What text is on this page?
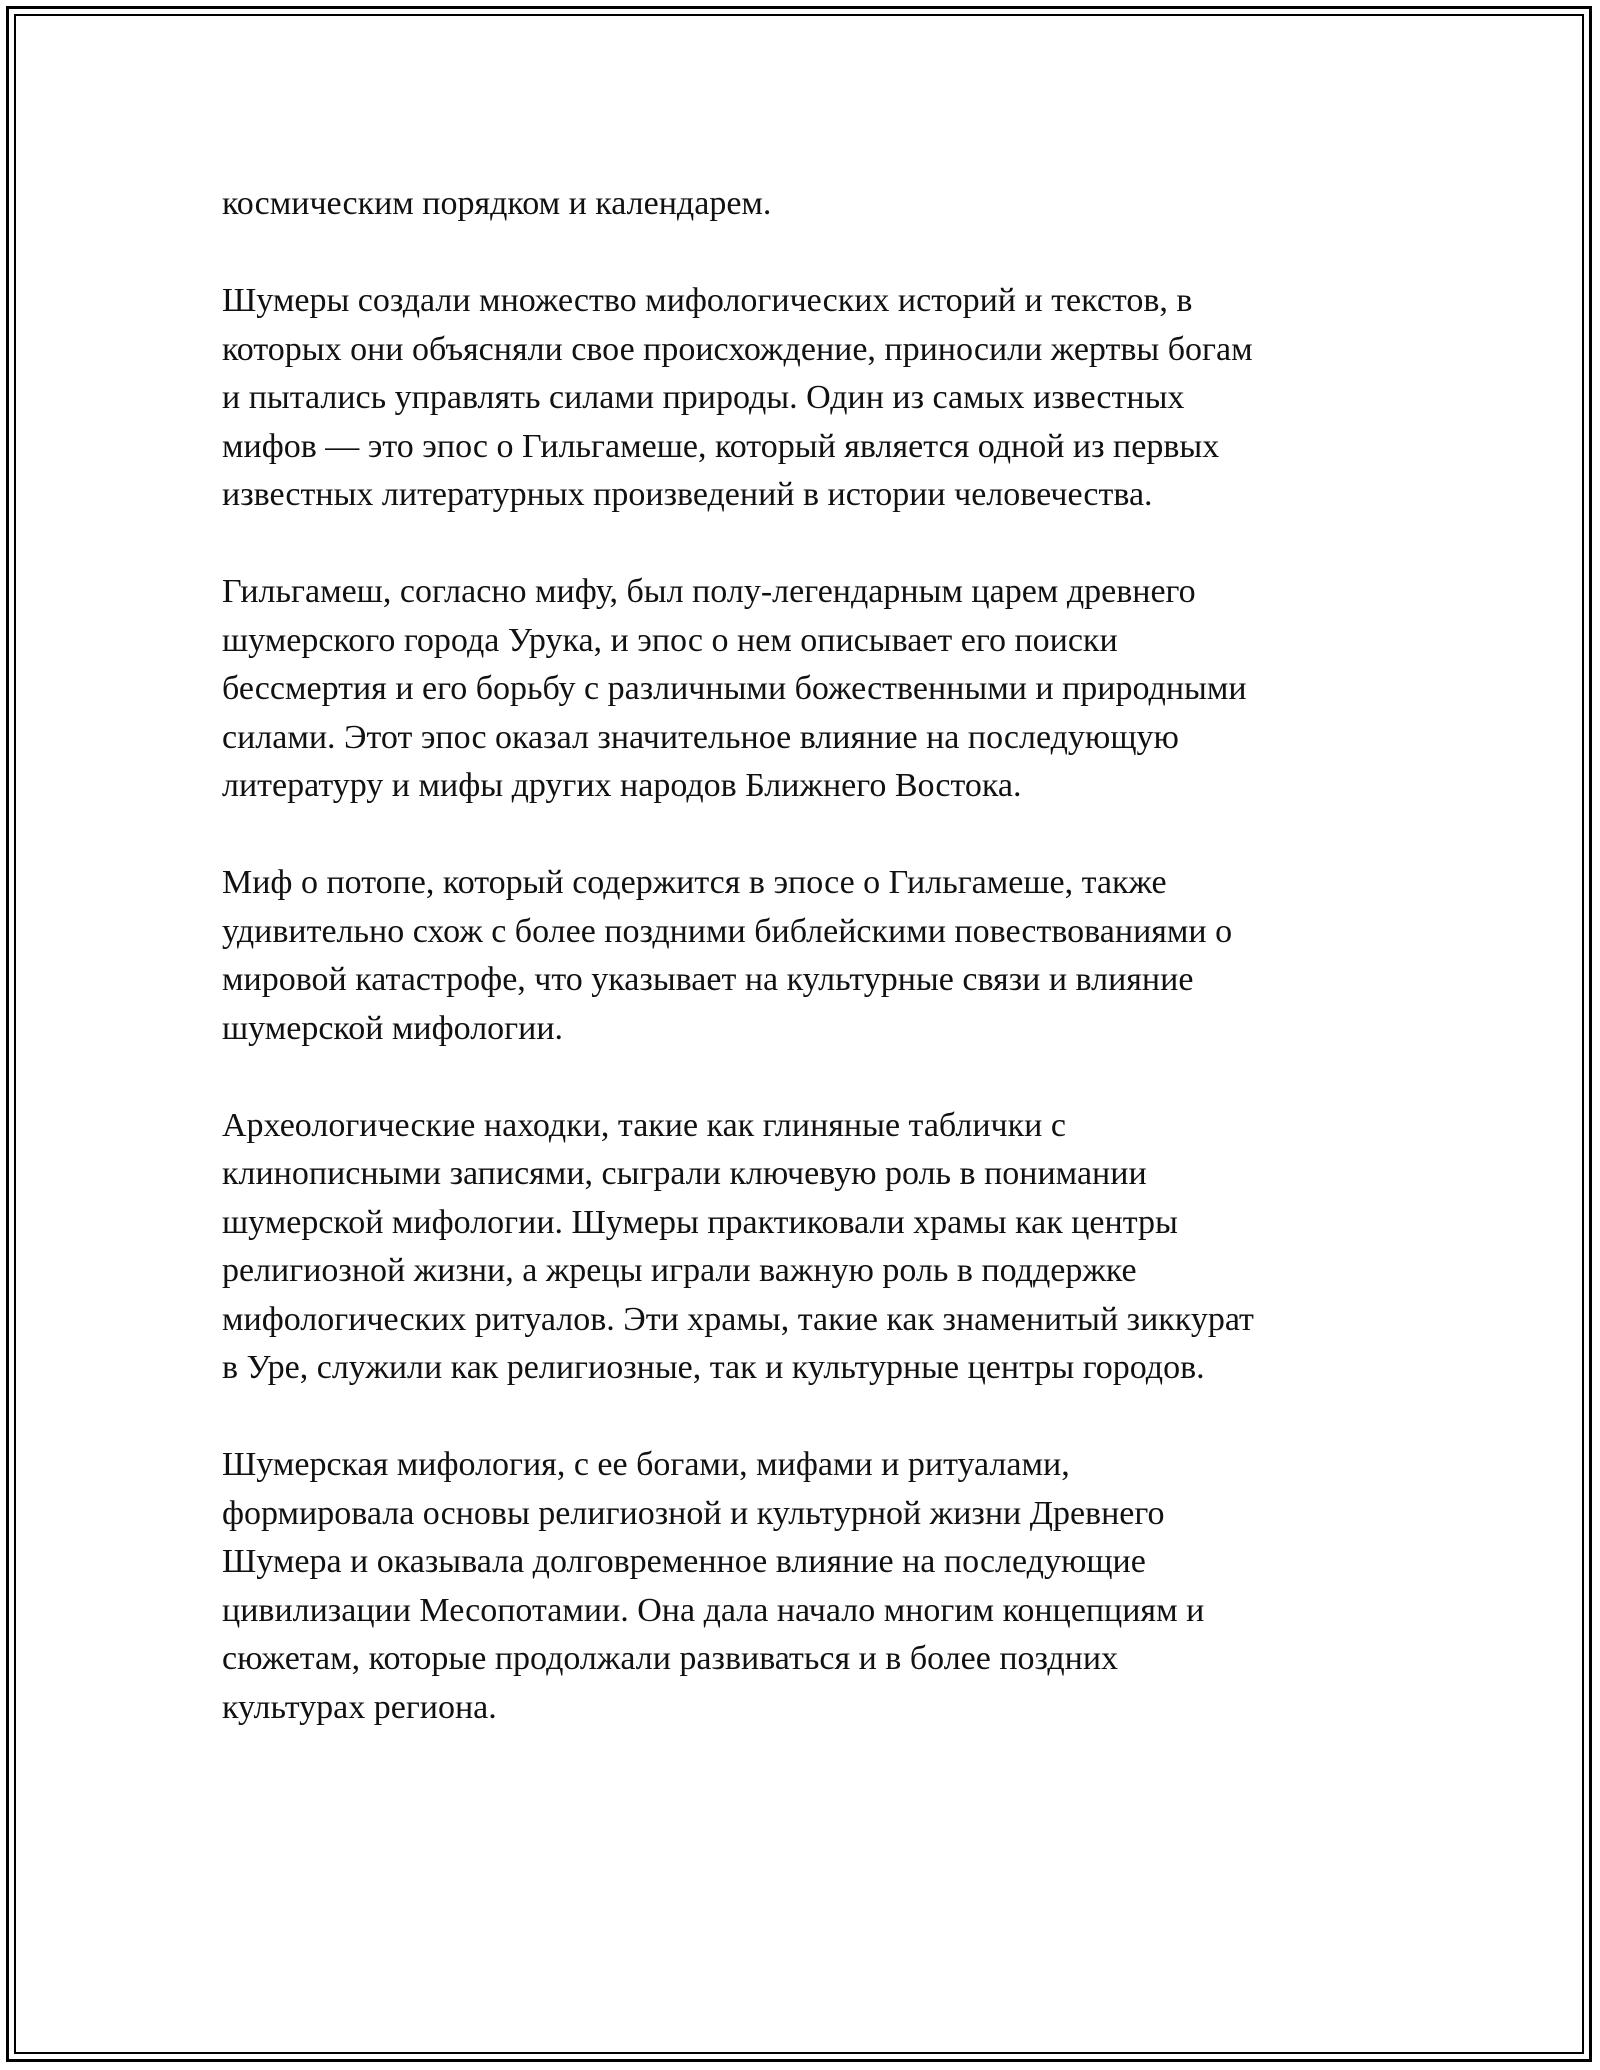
космическим порядком и календарем.

Шумеры создали множество мифологических историй и текстов, в
которых они объясняли свое происхождение, приносили жертвы богам
и пытались управлять силами природы. Один из самых известных
мифов — это эпос о Гильгамеше, который является одной из первых
известных литературных произведений в истории человечества.

Гильгамеш, согласно мифу, был полу-легендарным царем древнего
шумерского города Урука, и эпос о нем описывает его поиски
бессмертия и его борьбу с различными божественными и природными
силами. Этот эпос оказал значительное влияние на последующую
литературу и мифы других народов Ближнего Востока.

Миф о потопе, который содержится в эпосе о Гильгамеше, также
удивительно схож с более поздними библейскими повествованиями о
мировой катастрофе, что указывает на культурные связи и влияние
шумерской мифологии.

Археологические находки, такие как глиняные таблички с
клинописными записями, сыграли ключевую роль в понимании
шумерской мифологии. Шумеры практиковали храмы как центры
религиозной жизни, а жрецы играли важную роль в поддержке
мифологических ритуалов. Эти храмы, такие как знаменитый зиккурат
в Уре, служили как религиозные, так и культурные центры городов.

Шумерская мифология, с ее богами, мифами и ритуалами,
формировала основы религиозной и культурной жизни Древнего
Шумера и оказывала долговременное влияние на последующие
цивилизации Месопотамии. Она дала начало многим концепциям и
сюжетам, которые продолжали развиваться и в более поздних
культурах региона.
